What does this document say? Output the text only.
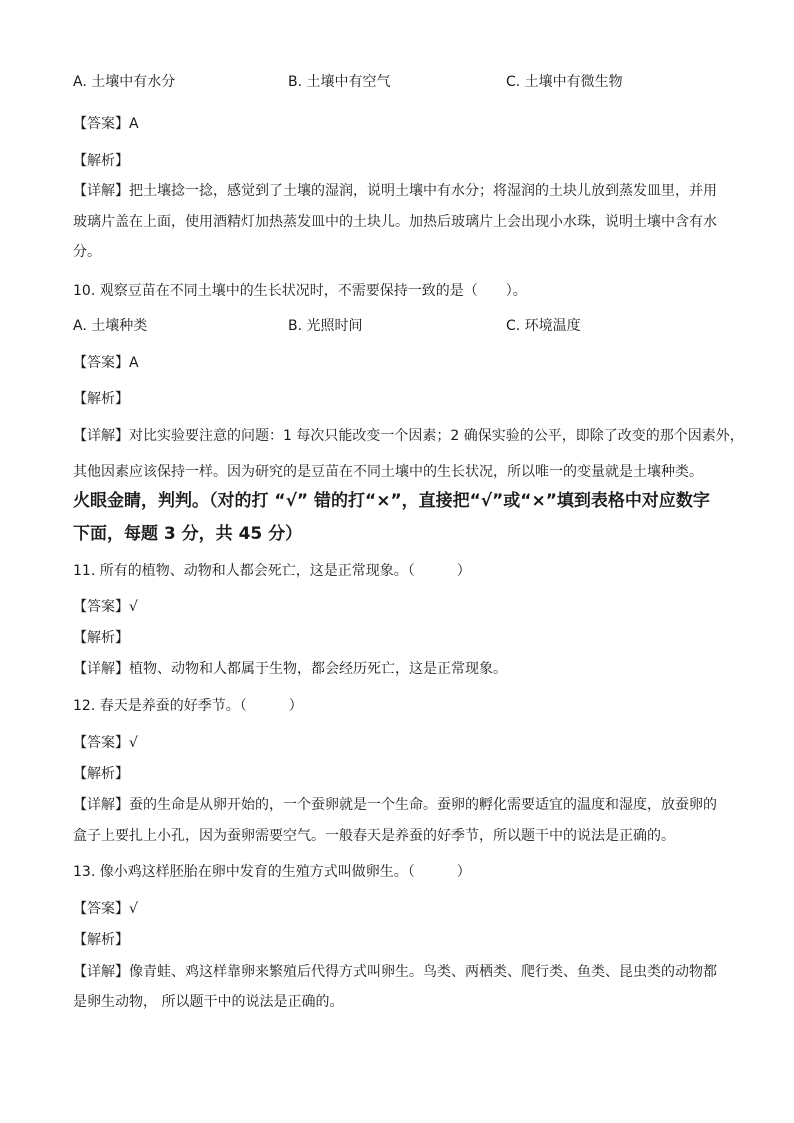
A. 土壤中有水分	B. 土壤中有空气	C. 土壤中有微生物
【答案】A
【解析】
【详解】把土壤捻一捻，感觉到了土壤的湿润，说明土壤中有水分；将湿润的土块儿放到蒸发皿里，并用
玻璃片盖在上面，使用酒精灯加热蒸发皿中的土块儿。加热后玻璃片上会出现小水珠，说明土壤中含有水
分。
10. 观察豆苗在不同土壤中的生长状况时，不需要保持一致的是（　　）。
A. 土壤种类	B. 光照时间	C. 环境温度
【答案】A
【解析】
【详解】对比实验要注意的问题：1 每次只能改变一个因素；2 确保实验的公平，即除了改变的那个因素外，
其他因素应该保持一样。因为研究的是豆苗在不同土壤中的生长状况，所以唯一的变量就是土壤种类。
火眼金睛，判判。（对的打 “√” 错的打“×”，直接把“√”或“×”填到表格中对应数字
下面，每题 3 分，共 45 分）
11. 所有的植物、动物和人都会死亡，这是正常现象。（　　　）
【答案】√
【解析】
【详解】植物、动物和人都属于生物，都会经历死亡，这是正常现象。
12. 春天是养蚕的好季节。（　　　）
【答案】√
【解析】
【详解】蚕的生命是从卵开始的，一个蚕卵就是一个生命。蚕卵的孵化需要适宜的温度和湿度，放蚕卵的
盒子上要扎上小孔，因为蚕卵需要空气。一般春天是养蚕的好季节，所以题干中的说法是正确的。
13. 像小鸡这样胚胎在卵中发育的生殖方式叫做卵生。（　　　）
【答案】√
【解析】
【详解】像青蛙、鸡这样靠卵来繁殖后代得方式叫卵生。鸟类、两栖类、爬行类、鱼类、昆虫类的动物都
是卵生动物， 所以题干中的说法是正确的。
